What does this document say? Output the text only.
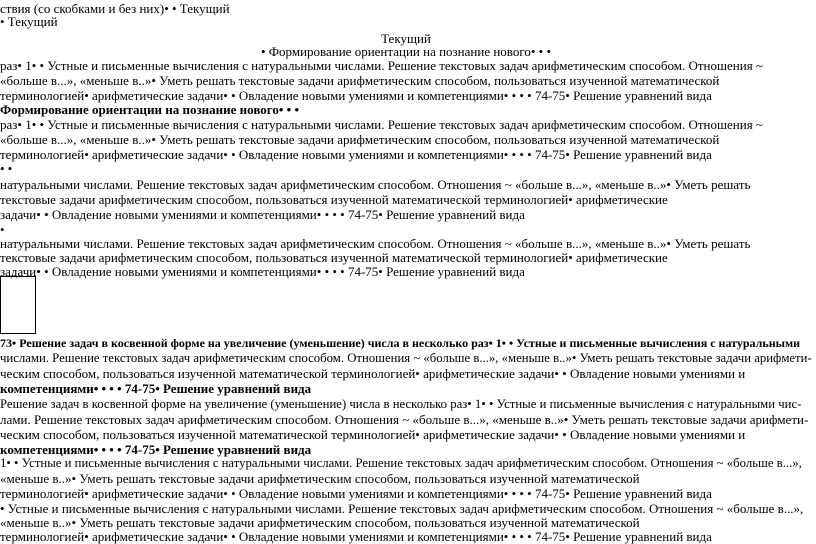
ствия (со скобками и без них)• • Текущий
• Текущий
Текущий
• Формирование ориентации на познание нового• • •
раз• 1• • Устные и письменные вычисления с натуральными числами. Решение текстовых задач арифметическим способом. Отношения ~
«больше в...», «меньше в..»• Уметь решать текстовые задачи арифметическим способом, пользоваться изученной математической
терминологией• арифметические задачи• • Овладение новыми умениями и компетенциями• • • • 74-75• Решение уравнений вида
Формирование ориентации на познание нового• • •
раз• 1• • Устные и письменные вычисления с натуральными числами. Решение текстовых задач арифметическим способом. Отношения ~
«больше в...», «меньше в..»• Уметь решать текстовые задачи арифметическим способом, пользоваться изученной математической
терминологией• арифметические задачи• • Овладение новыми умениями и компетенциями• • • • 74-75• Решение уравнений вида
• •
натуральными числами. Решение текстовых задач арифметическим способом. Отношения ~ «больше в...», «меньше в..»• Уметь решать
текстовые задачи арифметическим способом, пользоваться изученной математической терминологией• арифметические
задачи• • Овладение новыми умениями и компетенциями• • • • 74-75• Решение уравнений вида
•
натуральными числами. Решение текстовых задач арифметическим способом. Отношения ~ «больше в...», «меньше в..»• Уметь решать
текстовые задачи арифметическим способом, пользоваться изученной математической терминологией• арифметические
задачи• • Овладение новыми умениями и компетенциями• • • • 74-75• Решение уравнений вида
73• Решение задач в косвенной форме на увеличение (уменьшение) числа в несколько раз• 1• • Устные и письменные вычисления с натуральными
числами. Решение текстовых задач арифметическим способом. Отношения ~ «больше в...», «меньше в..»• Уметь решать текстовые задачи арифмети-
ческим способом, пользоваться изученной математической терминологией• арифметические задачи• • Овладение новыми умениями и
компетенциями• • • • 74-75• Решение уравнений вида
Решение задач в косвенной форме на увеличение (уменьшение) числа в несколько раз• 1• • Устные и письменные вычисления с натуральными чис-
лами. Решение текстовых задач арифметическим способом. Отношения ~ «больше в...», «меньше в..»• Уметь решать текстовые задачи арифмети-
ческим способом, пользоваться изученной математической терминологией• арифметические задачи• • Овладение новыми умениями и
компетенциями• • • • 74-75• Решение уравнений вида
1• • Устные и письменные вычисления с натуральными числами. Решение текстовых задач арифметическим способом. Отношения ~ «больше в...»,
«меньше в..»• Уметь решать текстовые задачи арифметическим способом, пользоваться изученной математической
терминологией• арифметические задачи• • Овладение новыми умениями и компетенциями• • • • 74-75• Решение уравнений вида
• Устные и письменные вычисления с натуральными числами. Решение текстовых задач арифметическим способом. Отношения ~ «больше в...»,
«меньше в..»• Уметь решать текстовые задачи арифметическим способом, пользоваться изученной математической
терминологией• арифметические задачи• • Овладение новыми умениями и компетенциями• • • • 74-75• Решение уравнений вида
